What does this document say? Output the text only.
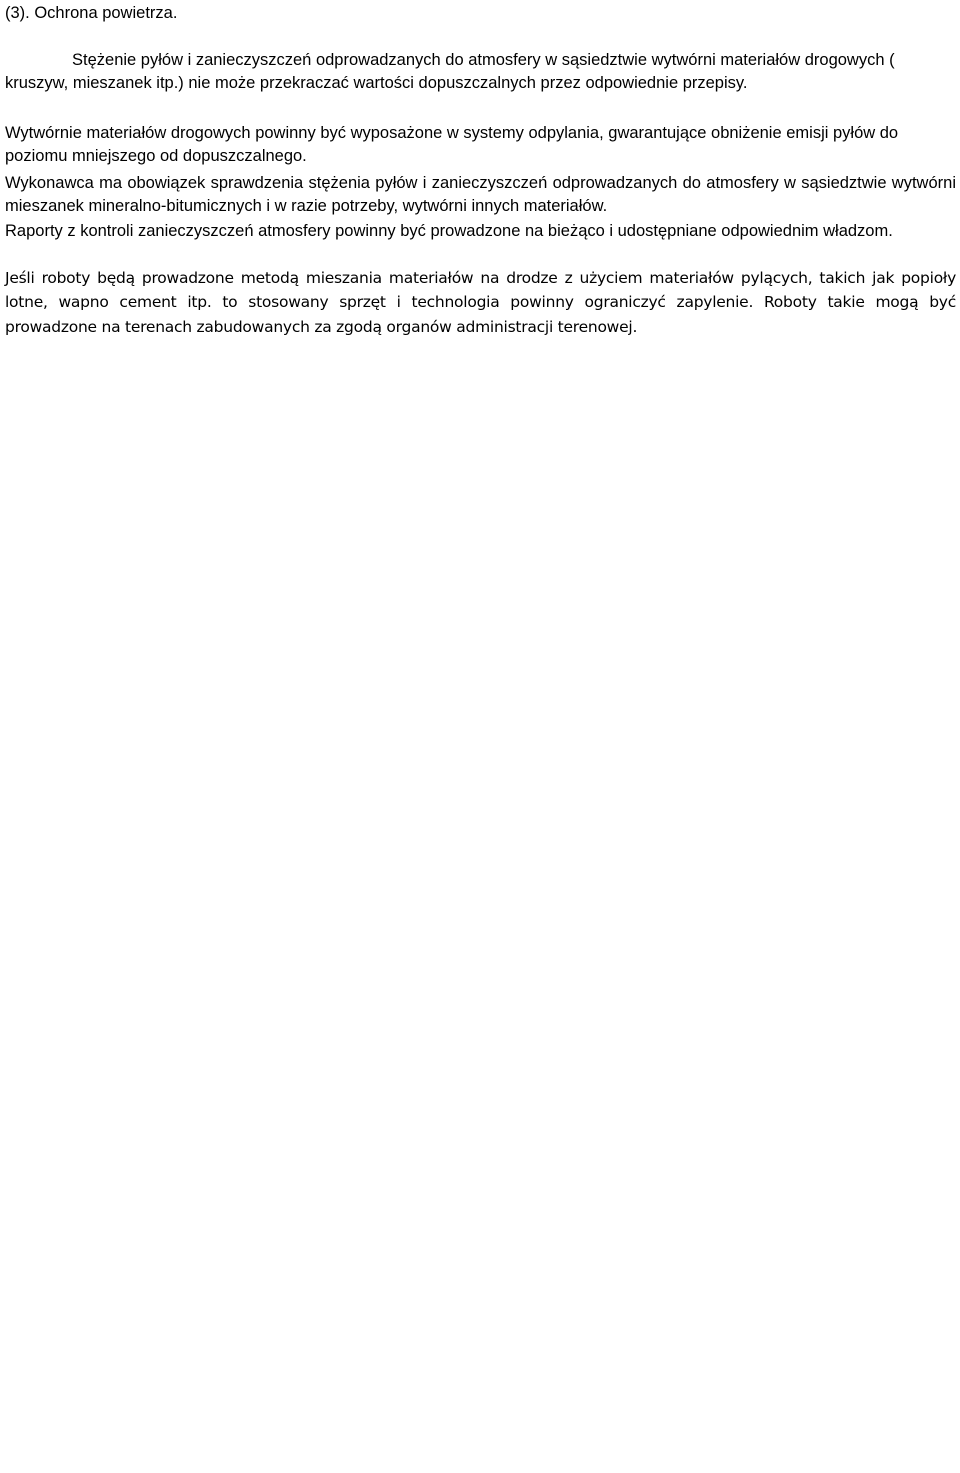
(3). Ochrona powietrza.
Stężenie pyłów i zanieczyszczeń odprowadzanych do atmosfery w sąsiedztwie wytwórni materiałów drogowych ( kruszyw, mieszanek itp.) nie może przekraczać wartości dopuszczalnych przez odpowiednie przepisy.
Wytwórnie materiałów drogowych powinny być wyposażone w systemy odpylania, gwarantujące obniżenie emisji pyłów do poziomu mniejszego od dopuszczalnego.
Wykonawca ma obowiązek sprawdzenia stężenia pyłów i zanieczyszczeń odprowadzanych do atmosfery w sąsiedztwie wytwórni mieszanek mineralno-bitumicznych i w razie potrzeby, wytwórni innych materiałów.
Raporty z kontroli zanieczyszczeń atmosfery powinny być prowadzone na bieżąco i udostępniane odpowiednim władzom.
Jeśli roboty będą prowadzone metodą mieszania materiałów na drodze z użyciem materiałów pylących, takich jak popioły lotne, wapno cement itp. to stosowany sprzęt i technologia powinny ograniczyć zapylenie. Roboty takie mogą być prowadzone na terenach zabudowanych za zgodą organów administracji terenowej.
